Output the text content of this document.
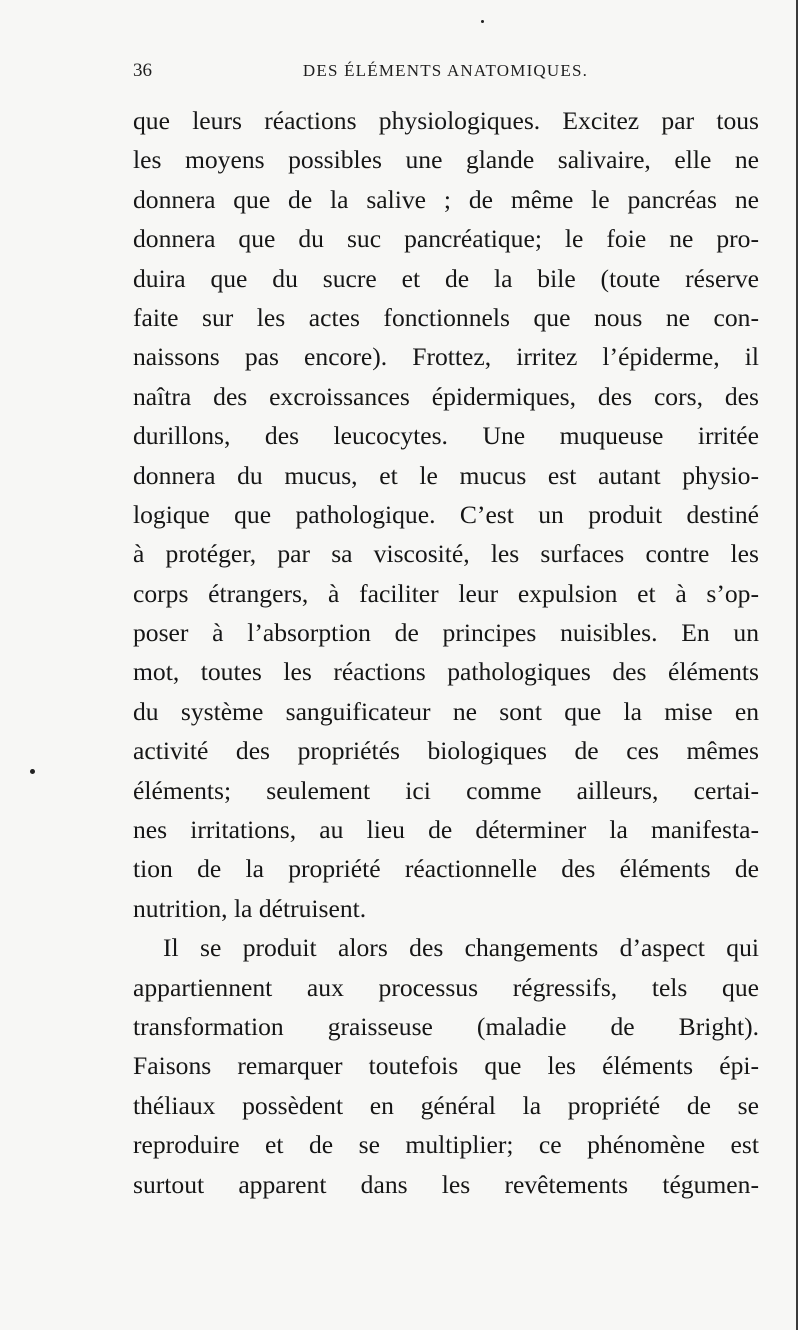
36	DES ÉLÉMENTS ANATOMIQUES.
que leurs réactions physiologiques. Excitez par tous
les moyens possibles une glande salivaire, elle ne
donnera que de la salive ; de même le pancréas ne
donnera que du suc pancréatique; le foie ne pro-
duira que du sucre et de la bile (toute réserve
faite sur les actes fonctionnels que nous ne con-
naissons pas encore). Frottez, irritez l’épiderme, il
naîtra des excroissances épidermiques, des cors, des
durillons, des leucocytes. Une muqueuse irritée
donnera du mucus, et le mucus est autant physio-
logique que pathologique. C’est un produit destiné
à protéger, par sa viscosité, les surfaces contre les
corps étrangers, à faciliter leur expulsion et à s’op-
poser à l’absorption de principes nuisibles. En un
mot, toutes les réactions pathologiques des éléments
du système sanguificateur ne sont que la mise en
activité des propriétés biologiques de ces mêmes
éléments; seulement ici comme ailleurs, certai-
nes irritations, au lieu de déterminer la manifesta-
tion de la propriété réactionnelle des éléments de
nutrition, la détruisent.
Il se produit alors des changements d’aspect qui
appartiennent aux processus régressifs, tels que
transformation graisseuse (maladie de Bright).
Faisons remarquer toutefois que les éléments épi-
théliaux possèdent en général la propriété de se
reproduire et de se multiplier; ce phénomène est
surtout apparent dans les revêtements tégumen-
